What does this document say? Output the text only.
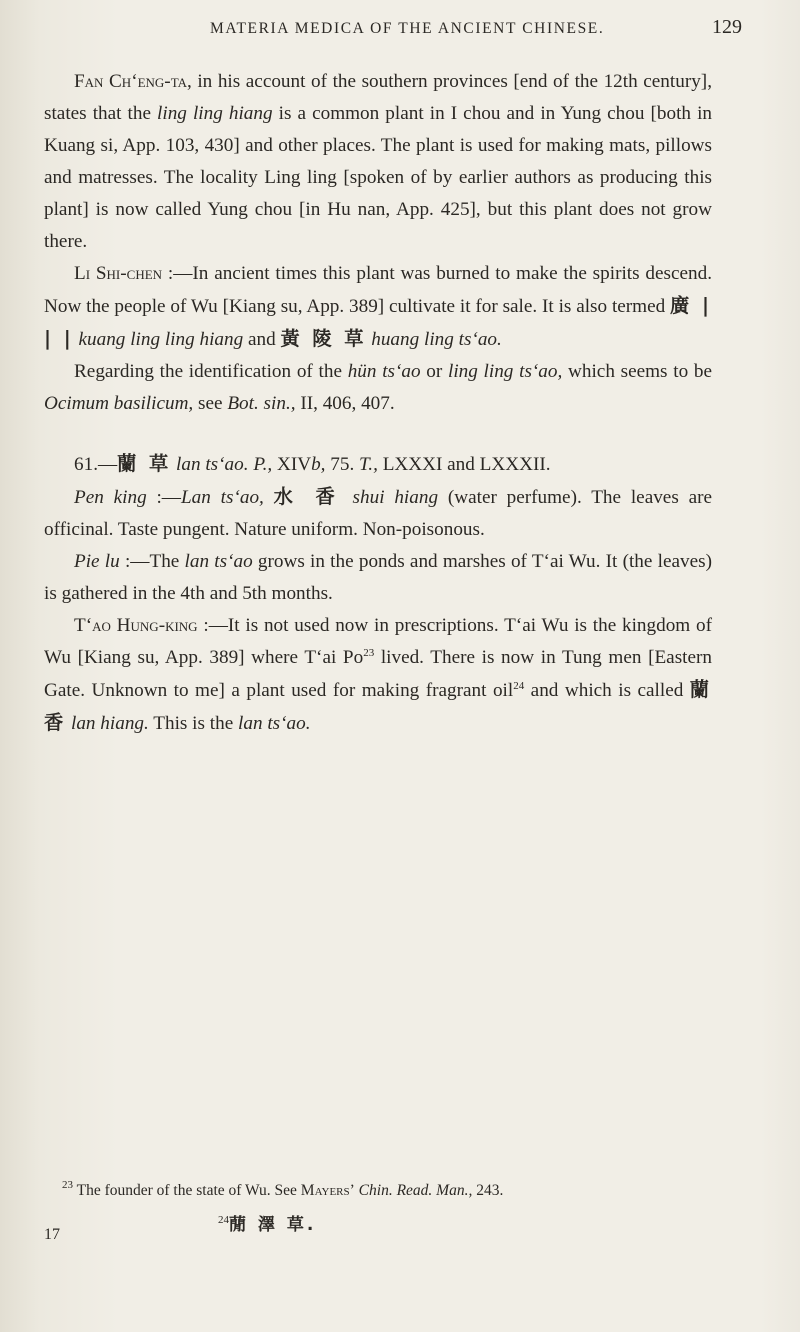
MATERIA MEDICA OF THE ANCIENT CHINESE.	129

Fan Ch‘eng-ta, in his account of the southern provinces [end of the 12th century], states that the ling ling hiang is a common plant in I chou and in Yung chou [both in Kuang si, App. 103, 430] and other places. The plant is used for making mats, pillows and matresses. The locality Ling ling [spoken of by earlier authors as producing this plant] is now called Yung chou [in Hu nan, App. 425], but this plant does not grow there.

Li Shi-chen :—In ancient times this plant was burned to make the spirits descend. Now the people of Wu [Kiang su, App. 389] cultivate it for sale. It is also termed 廣 | | | kuang ling ling hiang and 黃 陵 草 huang ling ts‘ao.

Regarding the identification of the hün ts‘ao or ling ling ts‘ao, which seems to be Ocimum basilicum, see Bot. sin., II, 406, 407.

61.—蘭 草 lan ts‘ao. P., XIVb, 75. T., LXXXI and LXXXII.

Pen king :—Lan ts‘ao, 水 香 shui hiang (water perfume). The leaves are officinal. Taste pungent. Nature uniform. Non-poisonous.

Pie lu :—The lan ts‘ao grows in the ponds and marshes of T‘ai Wu. It (the leaves) is gathered in the 4th and 5th months.

T‘ao Hung-king :—It is not used now in prescriptions. T‘ai Wu is the kingdom of Wu [Kiang su, App. 389] where T‘ai Po$^{23}$ lived. There is now in Tung men [Eastern Gate. Unknown to me] a plant used for making fragrant oil$^{24}$ and which is called 蘭 香 lan hiang. This is the lan ts‘ao.

$^{23}$ The founder of the state of Wu. See Mayers’ Chin. Read. Man., 243.
$^{24}$蕑 澤 草.
17
